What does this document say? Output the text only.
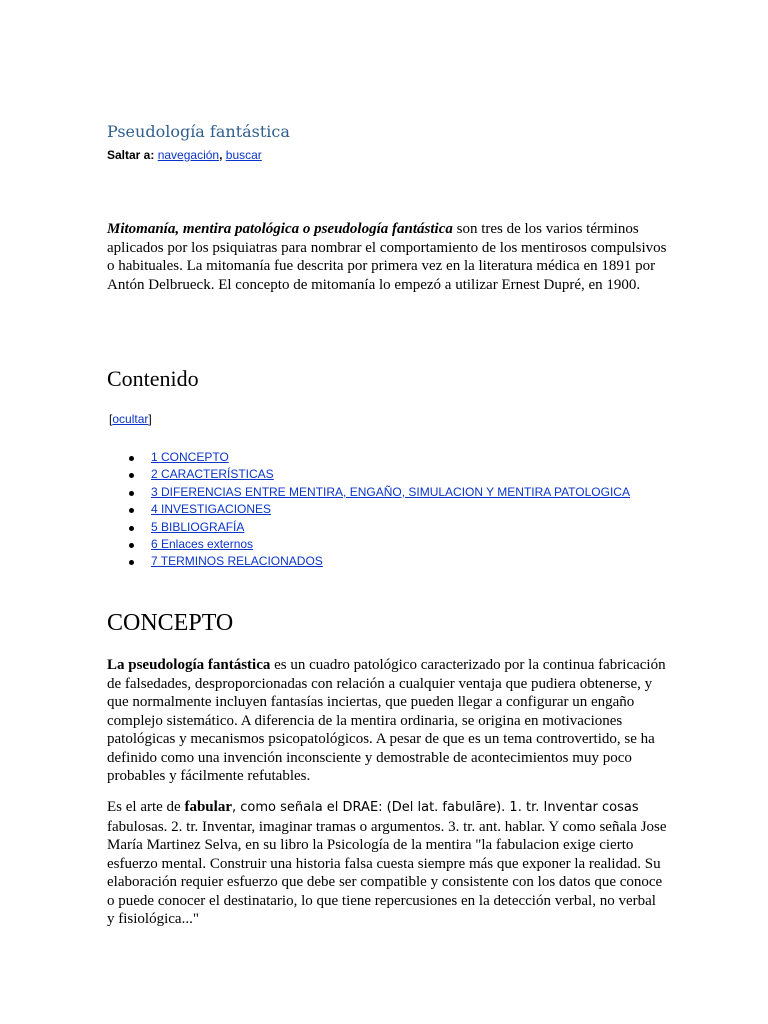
Pseudología fantástica
Saltar a: navegación, buscar

Mitomanía, mentira patológica o pseudología fantástica son tres de los varios términos aplicados por los psiquiatras para nombrar el comportamiento de los mentirosos compulsivos o habituales. La mitomanía fue descrita por primera vez en la literatura médica en 1891 por Antón Delbrueck. El concepto de mitomanía lo empezó a utilizar Ernest Dupré, en 1900.

Contenido
[ocultar]
1 CONCEPTO
2 CARACTERÍSTICAS
3 DIFERENCIAS ENTRE MENTIRA, ENGAÑO, SIMULACION Y MENTIRA PATOLOGICA
4 INVESTIGACIONES
5 BIBLIOGRAFÍA
6 Enlaces externos
7 TERMINOS RELACIONADOS
CONCEPTO

La pseudología fantástica es un cuadro patológico caracterizado por la continua fabricación de falsedades, desproporcionadas con relación a cualquier ventaja que pudiera obtenerse, y que normalmente incluyen fantasías inciertas, que pueden llegar a configurar un engaño complejo sistemático. A diferencia de la mentira ordinaria, se origina en motivaciones patológicas y mecanismos psicopatológicos. A pesar de que es un tema controvertido, se ha definido como una invención inconsciente y demostrable de acontecimientos muy poco probables y fácilmente refutables.

Es el arte de fabular, como señala el DRAE: (Del lat. fabulāre). 1. tr. Inventar cosas fabulosas. 2. tr. Inventar, imaginar tramas o argumentos. 3. tr. ant. hablar. Y como señala Jose María Martinez Selva, en su libro la Psicología de la mentira "la fabulacion exige cierto esfuerzo mental. Construir una historia falsa cuesta siempre más que exponer la realidad. Su elaboración requier esfuerzo que debe ser compatible y consistente con los datos que conoce o puede conocer el destinatario, lo que tiene repercusiones en la detección verbal, no verbal y fisiológica..."
